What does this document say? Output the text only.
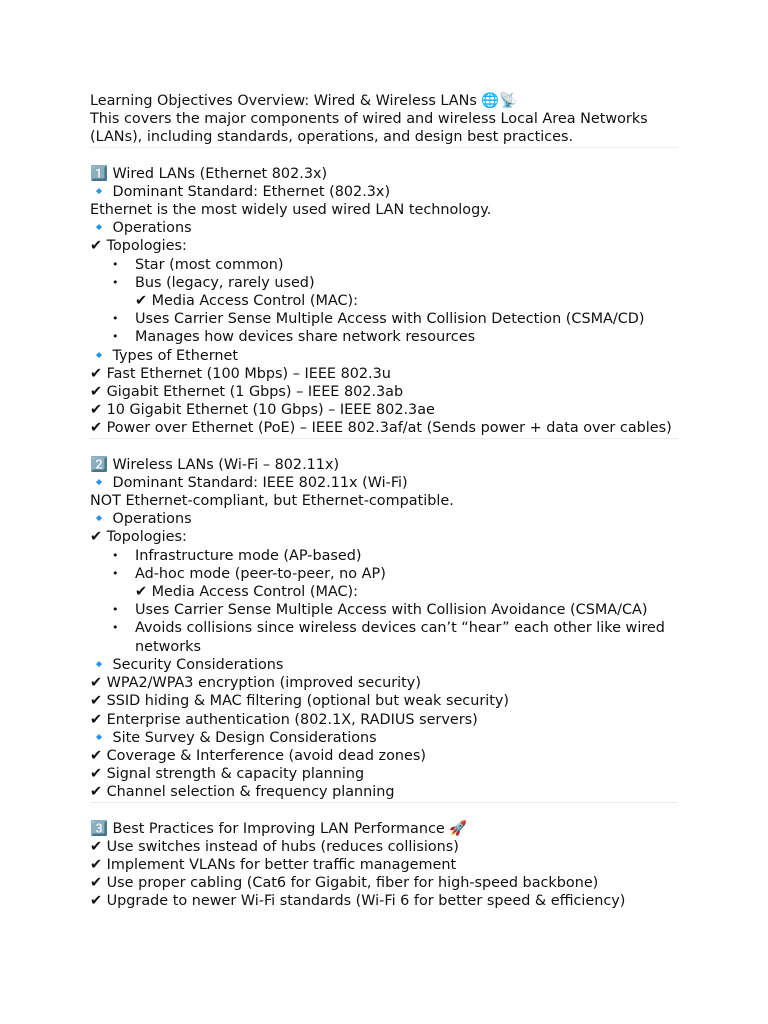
Learning Objectives Overview: Wired & Wireless LANs 🌐📡
This covers the major components of wired and wireless Local Area Networks (LANs), including standards, operations, and design best practices.
1️⃣ Wired LANs (Ethernet 802.3x)
🔹 Dominant Standard: Ethernet (802.3x)
Ethernet is the most widely used wired LAN technology.
🔹 Operations
✔ Topologies:
• Star (most common)
• Bus (legacy, rarely used)
✔ Media Access Control (MAC):
• Uses Carrier Sense Multiple Access with Collision Detection (CSMA/CD)
• Manages how devices share network resources
🔹 Types of Ethernet
✔ Fast Ethernet (100 Mbps) – IEEE 802.3u
✔ Gigabit Ethernet (1 Gbps) – IEEE 802.3ab
✔ 10 Gigabit Ethernet (10 Gbps) – IEEE 802.3ae
✔ Power over Ethernet (PoE) – IEEE 802.3af/at (Sends power + data over cables)
2️⃣ Wireless LANs (Wi-Fi – 802.11x)
🔹 Dominant Standard: IEEE 802.11x (Wi-Fi)
NOT Ethernet-compliant, but Ethernet-compatible.
🔹 Operations
✔ Topologies:
• Infrastructure mode (AP-based)
• Ad-hoc mode (peer-to-peer, no AP)
✔ Media Access Control (MAC):
• Uses Carrier Sense Multiple Access with Collision Avoidance (CSMA/CA)
• Avoids collisions since wireless devices can’t “hear” each other like wired networks
🔹 Security Considerations
✔ WPA2/WPA3 encryption (improved security)
✔ SSID hiding & MAC filtering (optional but weak security)
✔ Enterprise authentication (802.1X, RADIUS servers)
🔹 Site Survey & Design Considerations
✔ Coverage & Interference (avoid dead zones)
✔ Signal strength & capacity planning
✔ Channel selection & frequency planning
3️⃣ Best Practices for Improving LAN Performance 🚀
✔ Use switches instead of hubs (reduces collisions)
✔ Implement VLANs for better traffic management
✔ Use proper cabling (Cat6 for Gigabit, fiber for high-speed backbone)
✔ Upgrade to newer Wi-Fi standards (Wi-Fi 6 for better speed & efficiency)
